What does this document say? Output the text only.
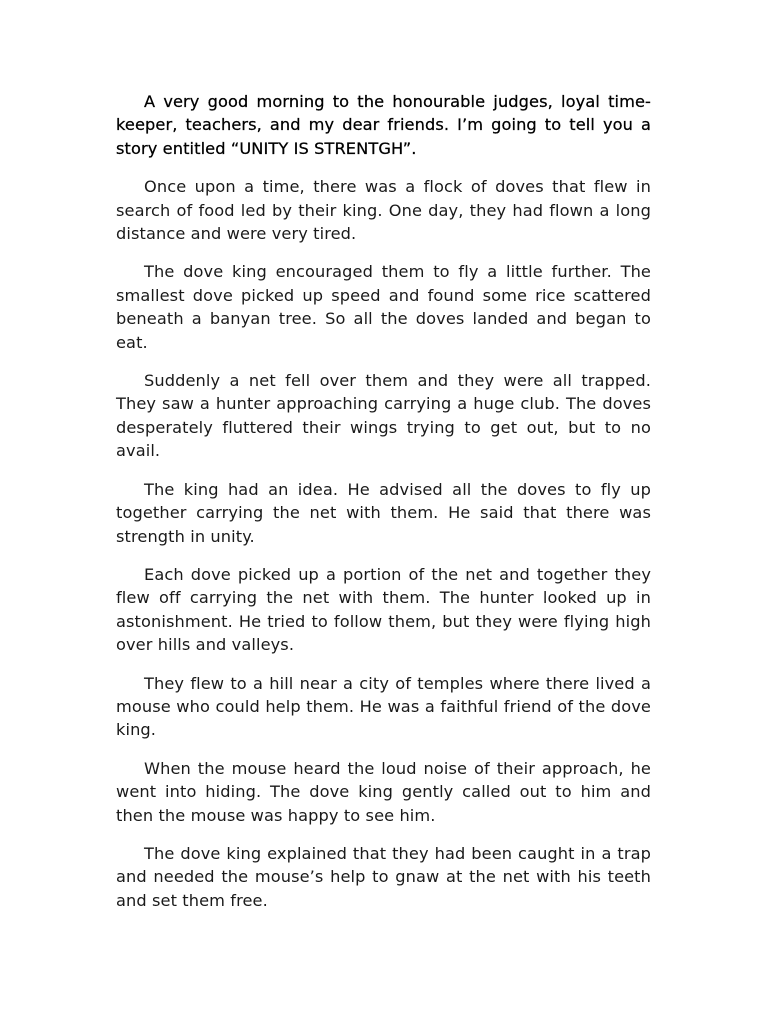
A very good morning to the honourable judges, loyal time-keeper, teachers, and my dear friends. I’m going to tell you a story entitled “UNITY IS STRENTGH”.

Once upon a time, there was a flock of doves that flew in search of food led by their king. One day, they had flown a long distance and were very tired.

The dove king encouraged them to fly a little further. The smallest dove picked up speed and found some rice scattered beneath a banyan tree. So all the doves landed and began to eat.

Suddenly a net fell over them and they were all trapped. They saw a hunter approaching carrying a huge club. The doves desperately fluttered their wings trying to get out, but to no avail.

The king had an idea. He advised all the doves to fly up together carrying the net with them. He said that there was strength in unity.

Each dove picked up a portion of the net and together they flew off carrying the net with them. The hunter looked up in astonishment. He tried to follow them, but they were flying high over hills and valleys.

They flew to a hill near a city of temples where there lived a mouse who could help them. He was a faithful friend of the dove king.

When the mouse heard the loud noise of their approach, he went into hiding. The dove king gently called out to him and then the mouse was happy to see him.

The dove king explained that they had been caught in a trap and needed the mouse’s help to gnaw at the net with his teeth and set them free.
